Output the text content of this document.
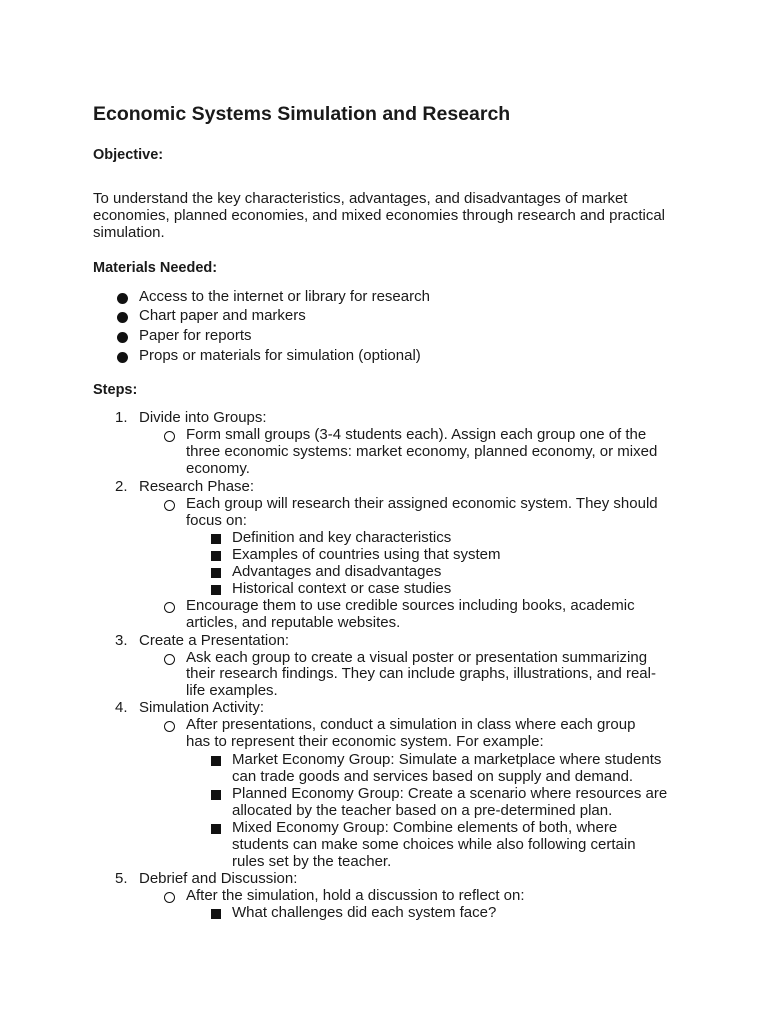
Economic Systems Simulation and Research
Objective:

To understand the key characteristics, advantages, and disadvantages of market economies, planned economies, and mixed economies through research and practical simulation.

Materials Needed:
Access to the internet or library for research
Chart paper and markers
Paper for reports
Props or materials for simulation (optional)
Steps:
1. Divide into Groups:
Form small groups (3-4 students each). Assign each group one of the
three economic systems: market economy, planned economy, or mixed
economy.
2. Research Phase:
Each group will research their assigned economic system. They should
focus on:
Definition and key characteristics
Examples of countries using that system
Advantages and disadvantages
Historical context or case studies
Encourage them to use credible sources including books, academic
articles, and reputable websites.
3. Create a Presentation:
Ask each group to create a visual poster or presentation summarizing
their research findings. They can include graphs, illustrations, and real-
life examples.
4. Simulation Activity:
After presentations, conduct a simulation in class where each group
has to represent their economic system. For example:
Market Economy Group: Simulate a marketplace where students
can trade goods and services based on supply and demand.
Planned Economy Group: Create a scenario where resources are
allocated by the teacher based on a pre-determined plan.
Mixed Economy Group: Combine elements of both, where
students can make some choices while also following certain
rules set by the teacher.
5. Debrief and Discussion:
After the simulation, hold a discussion to reflect on:
What challenges did each system face?
